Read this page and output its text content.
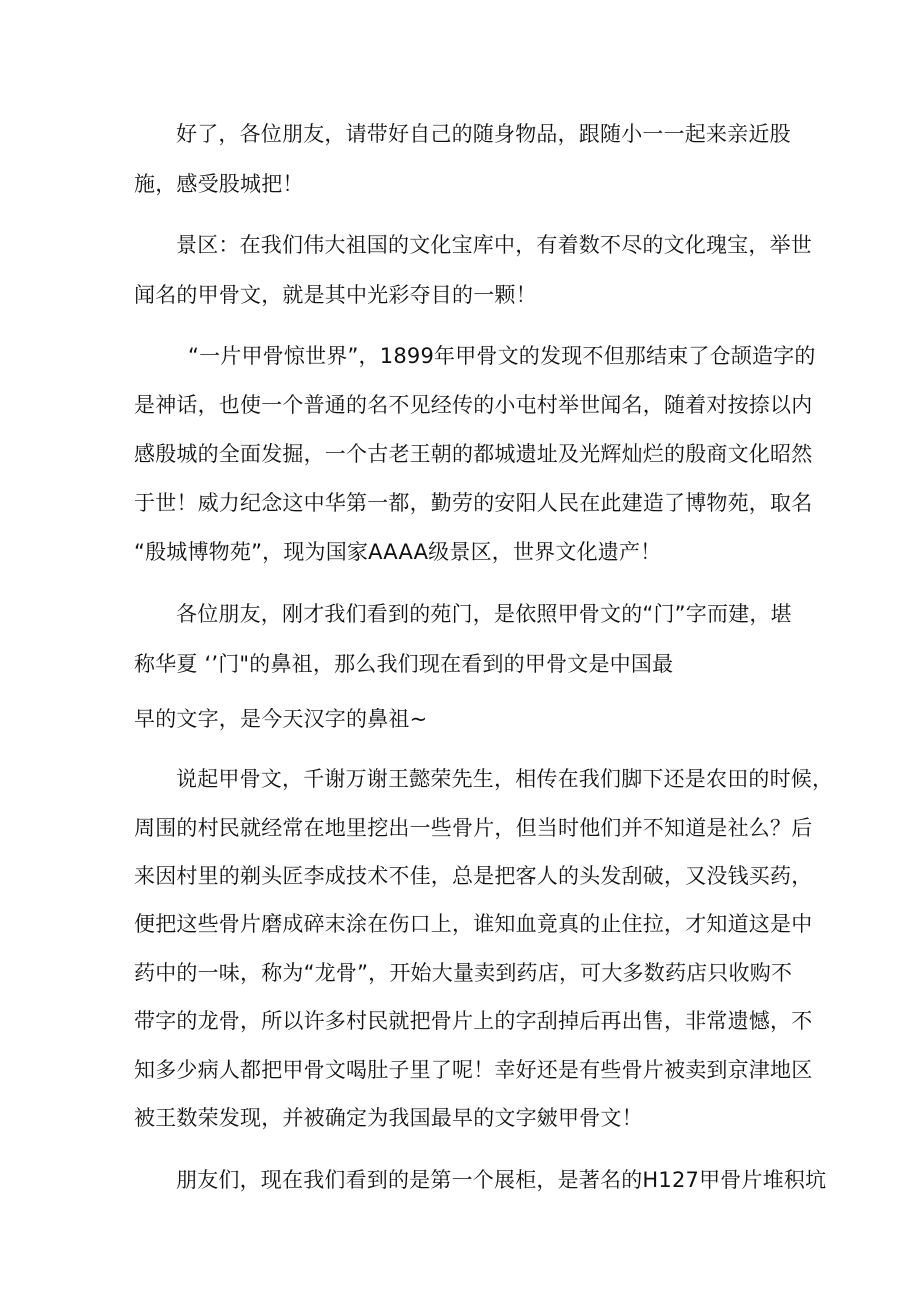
好了，各位朋友，请带好自己的随身物品，跟随小一一起来亲近股
施，感受股城把！
景区：在我们伟大祖国的文化宝库中，有着数不尽的文化瑰宝，举世
闻名的甲骨文，就是其中光彩夺目的一颗！
“一片甲骨惊世界”，1899年甲骨文的发现不但那结束了仓颉造字的
是神话，也使一个普通的名不见经传的小屯村举世闻名，随着对按捺以内
感殷城的全面发掘，一个古老王朝的都城遗址及光辉灿烂的殷商文化昭然
于世！威力纪念这中华第一都，勤劳的安阳人民在此建造了博物苑，取名
“殷城博物苑”，现为国家AAAA级景区，世界文化遗产！
各位朋友，刚才我们看到的苑门，是依照甲骨文的“门”字而建，堪
称华夏 ‘’门"的鼻祖，那么我们现在看到的甲骨文是中国最
早的文字，是今天汉字的鼻祖~
说起甲骨文，千谢万谢王懿荣先生，相传在我们脚下还是农田的时候，
周围的村民就经常在地里挖出一些骨片，但当时他们并不知道是社么？后
来因村里的剃头匠李成技术不佳，总是把客人的头发刮破，又没钱买药，
便把这些骨片磨成碎末涂在伤口上，谁知血竟真的止住拉，才知道这是中
药中的一味，称为“龙骨”，开始大量卖到药店，可大多数药店只收购不
带字的龙骨，所以许多村民就把骨片上的字刮掉后再出售，非常遗憾，不
知多少病人都把甲骨文喝肚子里了呢！幸好还是有些骨片被卖到京津地区
被王数荣发现，并被确定为我国最早的文字皴甲骨文！
朋友们，现在我们看到的是第一个展柜，是著名的H127甲骨片堆积坑
